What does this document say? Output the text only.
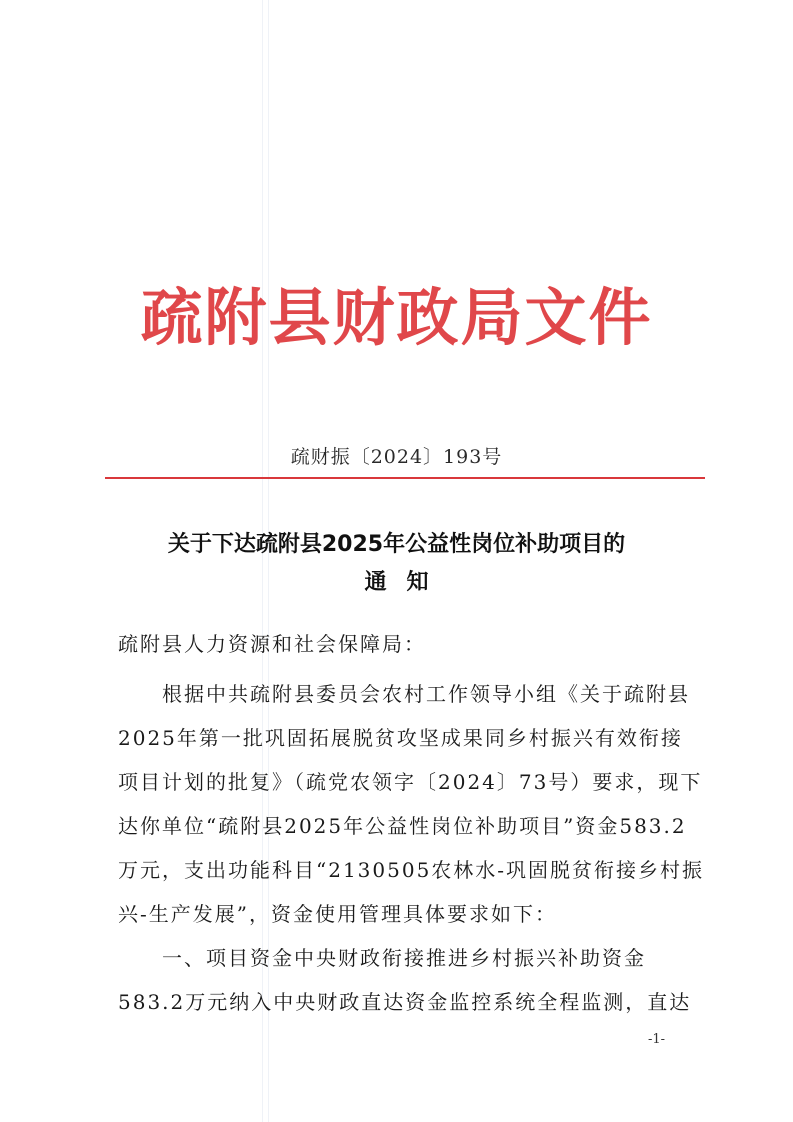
疏附县财政局文件
疏财振〔2024〕193号
关于下达疏附县2025年公益性岗位补助项目的
通知
疏附县人力资源和社会保障局：
　　根据中共疏附县委员会农村工作领导小组《关于疏附县
2025年第一批巩固拓展脱贫攻坚成果同乡村振兴有效衔接
项目计划的批复》（疏党农领字〔2024〕73号）要求，现下
达你单位“疏附县2025年公益性岗位补助项目”资金583.2
万元，支出功能科目“2130505农林水-巩固脱贫衔接乡村振
兴-生产发展”，资金使用管理具体要求如下：
　　一、项目资金中央财政衔接推进乡村振兴补助资金
583.2万元纳入中央财政直达资金监控系统全程监测，直达
-1-
